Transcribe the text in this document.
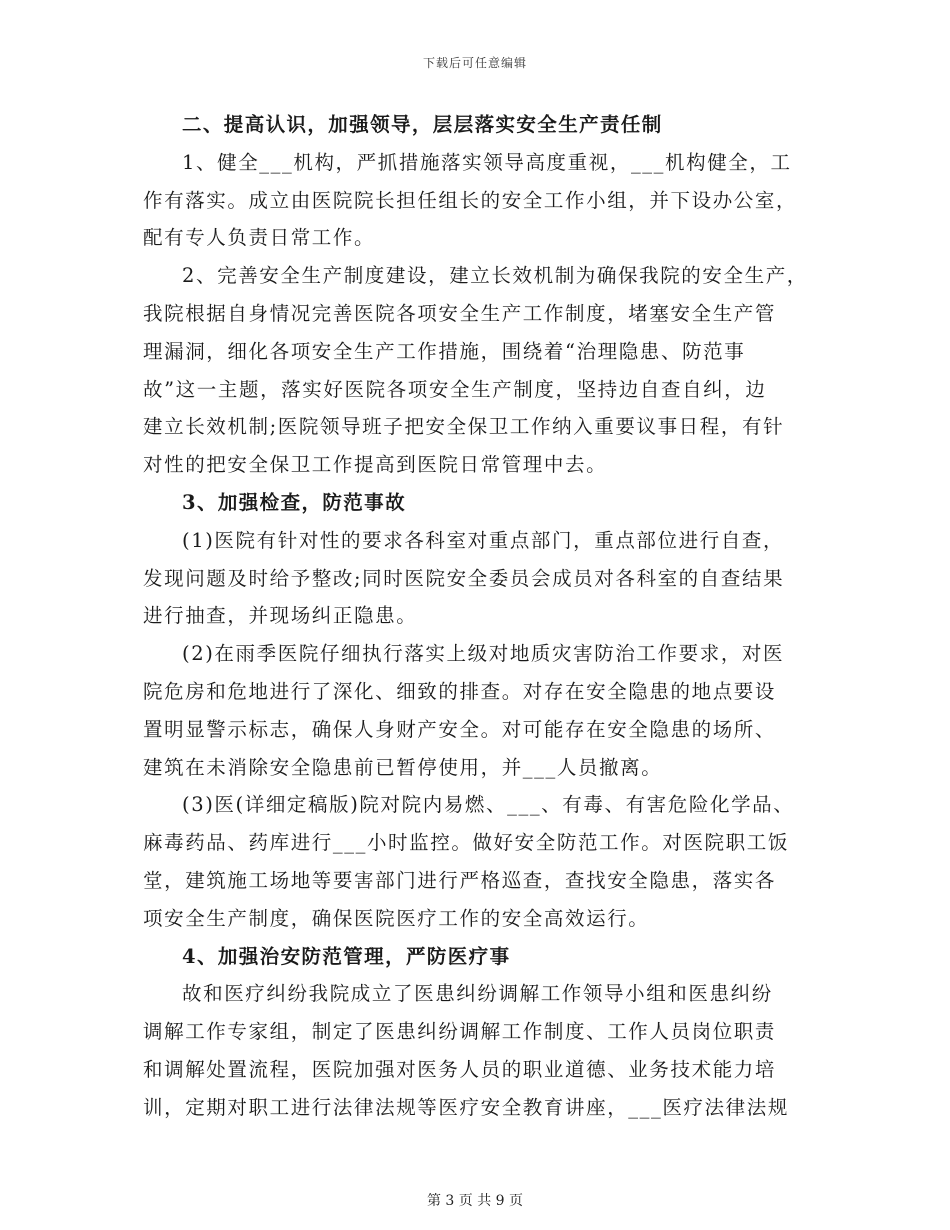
下载后可任意编辑

二、提高认识，加强领导，层层落实安全生产责任制

1、健全___机构，严抓措施落实领导高度重视，___机构健全，工
作有落实。成立由医院院长担任组长的安全工作小组，并下设办公室，
配有专人负责日常工作。

2、完善安全生产制度建设，建立长效机制为确保我院的安全生产，
我院根据自身情况完善医院各项安全生产工作制度，堵塞安全生产管
理漏洞，细化各项安全生产工作措施，围绕着“治理隐患、防范事
故”这一主题，落实好医院各项安全生产制度，坚持边自查自纠，边
建立长效机制;医院领导班子把安全保卫工作纳入重要议事日程，有针
对性的把安全保卫工作提高到医院日常管理中去。

3、加强检查，防范事故

(1)医院有针对性的要求各科室对重点部门，重点部位进行自查，
发现问题及时给予整改;同时医院安全委员会成员对各科室的自查结果
进行抽查，并现场纠正隐患。

(2)在雨季医院仔细执行落实上级对地质灾害防治工作要求，对医
院危房和危地进行了深化、细致的排查。对存在安全隐患的地点要设
置明显警示标志，确保人身财产安全。对可能存在安全隐患的场所、
建筑在未消除安全隐患前已暂停使用，并___人员撤离。

(3)医(详细定稿版)院对院内易燃、___、有毒、有害危险化学品、
麻毒药品、药库进行___小时监控。做好安全防范工作。对医院职工饭
堂，建筑施工场地等要害部门进行严格巡查，查找安全隐患，落实各
项安全生产制度，确保医院医疗工作的安全高效运行。

4、加强治安防范管理，严防医疗事

故和医疗纠纷我院成立了医患纠纷调解工作领导小组和医患纠纷
调解工作专家组，制定了医患纠纷调解工作制度、工作人员岗位职责
和调解处置流程，医院加强对医务人员的职业道德、业务技术能力培
训，定期对职工进行法律法规等医疗安全教育讲座，___医疗法律法规

第 3 页 共 9 页
